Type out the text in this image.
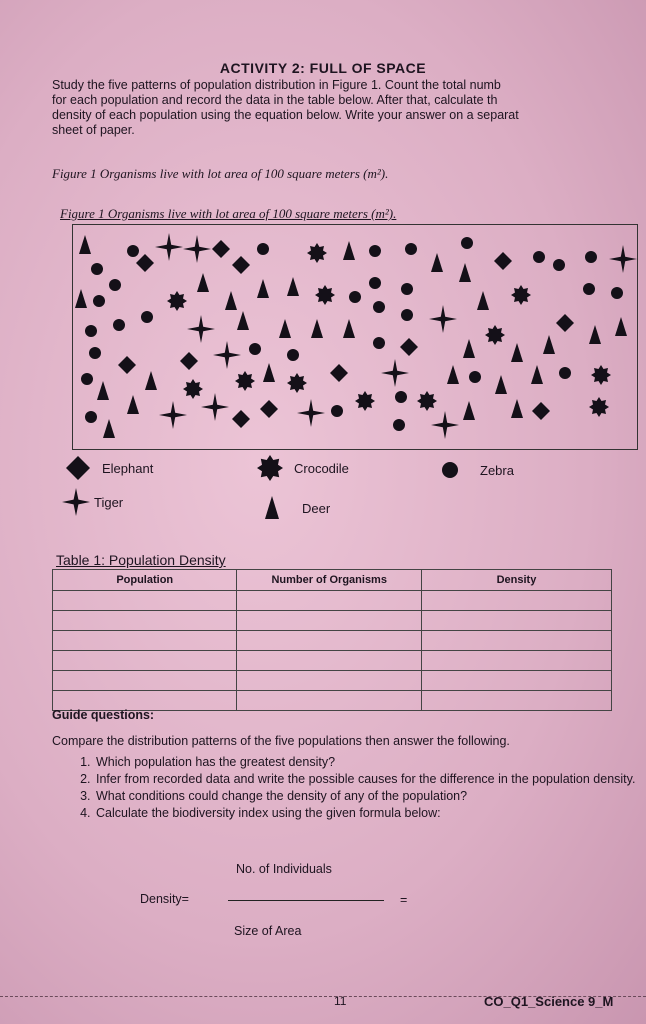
ACTIVITY 2: FULL OF SPACE
Study the five patterns of population distribution in Figure 1. Count the total numb
for each population and record the data in the table below. After that, calculate th
density of each population using the equation below. Write your answer on a separat
sheet of paper.
Figure 1 Organisms live with lot area of 100 square meters (m²).
Figure 1 Organisms live with lot area of 100 square meters (m²).
Elephant	Crocodile	Zebra
Tiger	Deer
Table 1: Population Density
Population	Number of Organisms	Density

Guide questions:
Compare the distribution patterns of the five populations then answer the following.
1. Which population has the greatest density?
2. Infer from recorded data and write the possible causes for the difference in the population density.
3. What conditions could change the density of any of the population?
4. Calculate the biodiversity index using the given formula below:
No. of Individuals
Density=	=
Size of Area
11	CO_Q1_Science 9_M
